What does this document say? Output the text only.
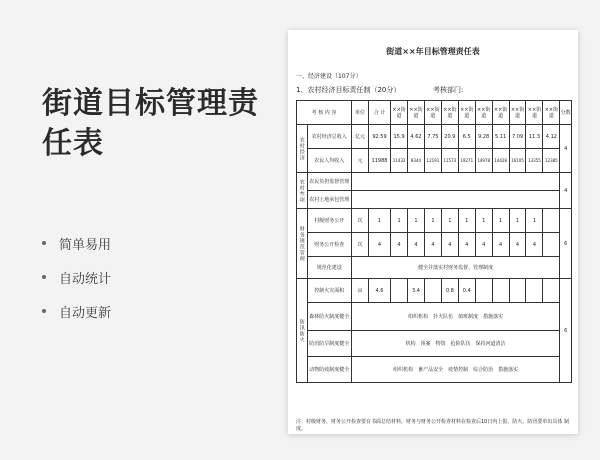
街道目标管理责
任表
简单易用
自动统计
自动更新
街道××年目标管理责任表
一、经济建设（107分）
1、农村经济目标责任制（20分）	考核部门:
考 核 内 容		单位	合 计	××街道	××街道	××街道	××街道	××街道	××街道	××街道	××街道	××街道	××街道	分数

农村经济	农村经济总收入	亿元	92.59	15.9	4.62	7.75	20.9	6.5	9.28	5.11	7.09	11.3	4.12	4
	农民人均收入	元	11988	11432	8344	12191	11573	19271	14978	14428	16105	13355	12385	

农村叁项	农民负担监督管理													4
	农村土地承包管理													

财务规范管理	村级财务公开	次	1	1	1	1	1	1	1	1	1	1		6
	财务公开检查	次	4	4	4	4	4	4	4	4	4	4		
	规范化建设	健全并落实村财务监督、管理制度												

防汛防火	控制火灾面积	亩	4.6		3.4		0.8	0.4						6
	森林防火制度健全	组织机构　扑火队伍　值班制度　措施落实												
	防汛防旱制度健全	机构　预案　物资　抢险队伍　保持河道清洁												
	动物防疫制度健全	组织机构　畜产品安全　疫情控制　综合防治　措施落实												
注：村级财务、财务公开检查要有书面总结材料，财务与财务公开检查材料在检查后10日内上报，防火、防汛要单出具体 制度。
